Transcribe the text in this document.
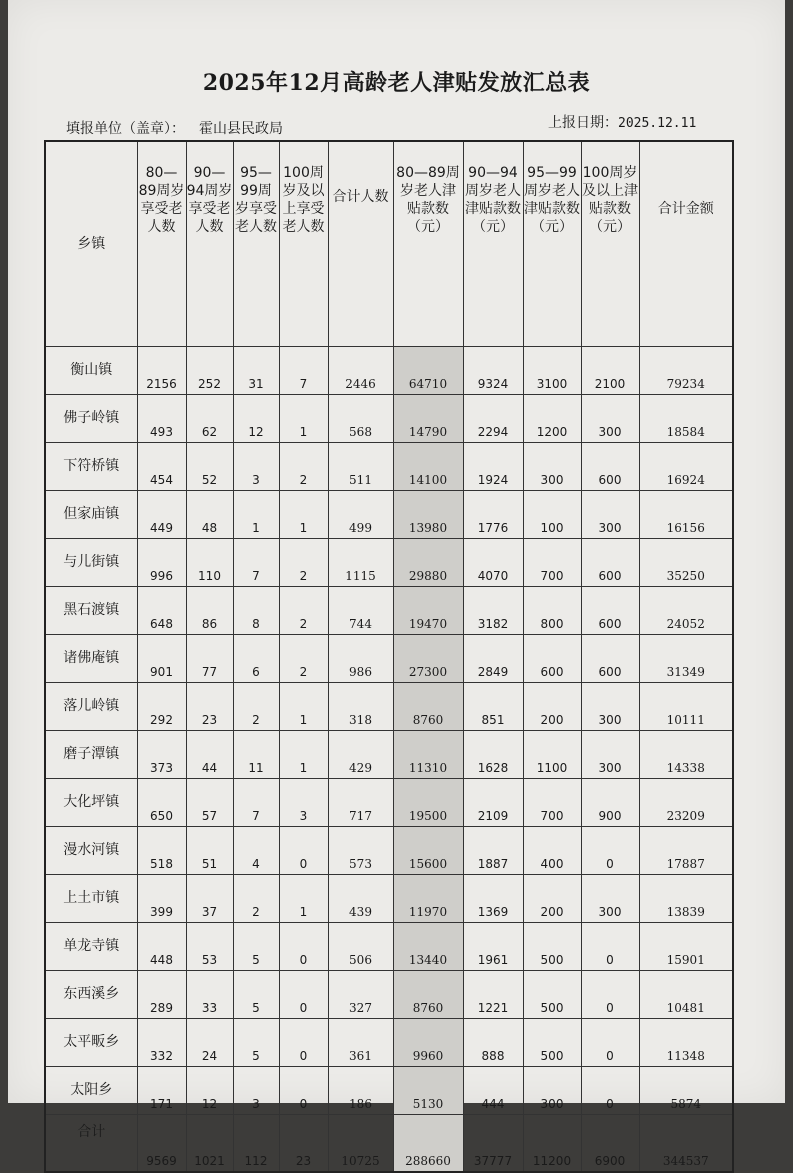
2025年12月高龄老人津贴发放汇总表
填报单位（盖章）： 霍山县民政局	上报日期：2025.12.11
乡镇	80—89周岁享受老人数	90—94周岁享受老人数	95—99周岁享受老人数	100周岁及以上享受老人数	合计人数	80—89周岁老人津贴款数（元）	90—94周岁老人津贴款数（元）	95—99周岁老人津贴款数（元）	100周岁及以上津贴款数（元）	合计金额
衡山镇	2156	252	31	7	2446	64710	9324	3100	2100	79234
佛子岭镇	493	62	12	1	568	14790	2294	1200	300	18584
下符桥镇	454	52	3	2	511	14100	1924	300	600	16924
但家庙镇	449	48	1	1	499	13980	1776	100	300	16156
与儿街镇	996	110	7	2	1115	29880	4070	700	600	35250
黑石渡镇	648	86	8	2	744	19470	3182	800	600	24052
诸佛庵镇	901	77	6	2	986	27300	2849	600	600	31349
落儿岭镇	292	23	2	1	318	8760	851	200	300	10111
磨子潭镇	373	44	11	1	429	11310	1628	1100	300	14338
大化坪镇	650	57	7	3	717	19500	2109	700	900	23209
漫水河镇	518	51	4	0	573	15600	1887	400	0	17887
上土市镇	399	37	2	1	439	11970	1369	200	300	13839
单龙寺镇	448	53	5	0	506	13440	1961	500	0	15901
东西溪乡	289	33	5	0	327	8760	1221	500	0	10481
太平畈乡	332	24	5	0	361	9960	888	500	0	11348
太阳乡	171	12	3	0	186	5130	444	300	0	5874
合计	9569	1021	112	23	10725	288660	37777	11200	6900	344537
